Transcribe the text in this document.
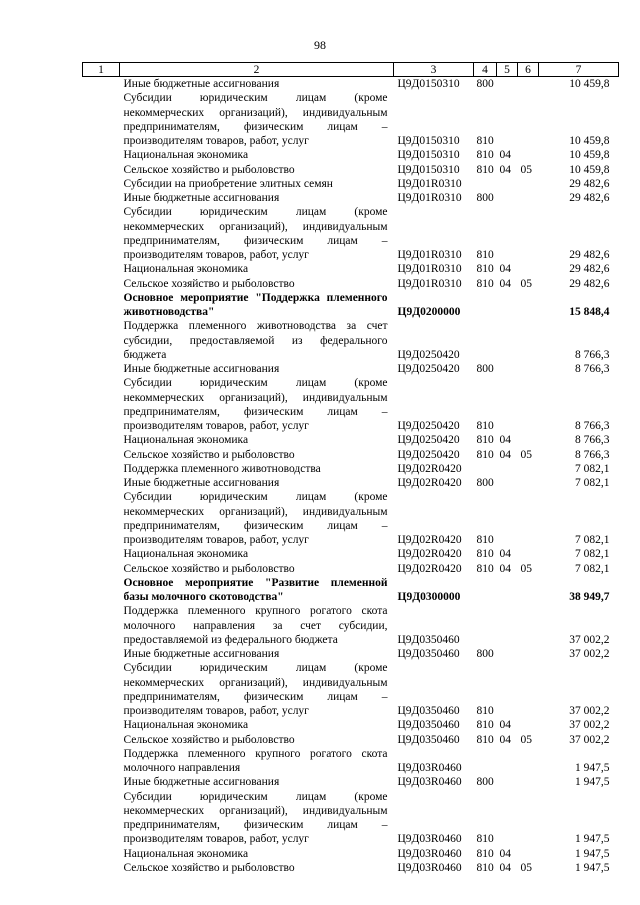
98
1	2	3	4	5	6	7
	Иные бюджетные ассигнования	Ц9Д0150310	800			10 459,8
	Субсидии юридическим лицам (кроме некоммерческих организаций), индивидуальным предпринимателям, физическим лицам – производителям товаров, работ, услуг	Ц9Д0150310	810			10 459,8
	Национальная экономика	Ц9Д0150310	810	04		10 459,8
	Сельское хозяйство и рыболовство	Ц9Д0150310	810	04	05	10 459,8
	Субсидии на приобретение элитных семян	Ц9Д01R0310				29 482,6
	Иные бюджетные ассигнования	Ц9Д01R0310	800			29 482,6
	Субсидии юридическим лицам (кроме некоммерческих организаций), индивидуальным предпринимателям, физическим лицам – производителям товаров, работ, услуг	Ц9Д01R0310	810			29 482,6
	Национальная экономика	Ц9Д01R0310	810	04		29 482,6
	Сельское хозяйство и рыболовство	Ц9Д01R0310	810	04	05	29 482,6
	Основное мероприятие "Поддержка племенного животноводства"	Ц9Д0200000				15 848,4
	Поддержка племенного животноводства за счет субсидии, предоставляемой из федерального бюджета	Ц9Д0250420				8 766,3
	Иные бюджетные ассигнования	Ц9Д0250420	800			8 766,3
	Субсидии юридическим лицам (кроме некоммерческих организаций), индивидуальным предпринимателям, физическим лицам – производителям товаров, работ, услуг	Ц9Д0250420	810			8 766,3
	Национальная экономика	Ц9Д0250420	810	04		8 766,3
	Сельское хозяйство и рыболовство	Ц9Д0250420	810	04	05	8 766,3
	Поддержка племенного животноводства	Ц9Д02R0420				7 082,1
	Иные бюджетные ассигнования	Ц9Д02R0420	800			7 082,1
	Субсидии юридическим лицам (кроме некоммерческих организаций), индивидуальным предпринимателям, физическим лицам – производителям товаров, работ, услуг	Ц9Д02R0420	810			7 082,1
	Национальная экономика	Ц9Д02R0420	810	04		7 082,1
	Сельское хозяйство и рыболовство	Ц9Д02R0420	810	04	05	7 082,1
	Основное мероприятие "Развитие племенной базы молочного скотоводства"	Ц9Д0300000				38 949,7
	Поддержка племенного крупного рогатого скота молочного направления за счет субсидии, предоставляемой из федерального бюджета	Ц9Д0350460				37 002,2
	Иные бюджетные ассигнования	Ц9Д0350460	800			37 002,2
	Субсидии юридическим лицам (кроме некоммерческих организаций), индивидуальным предпринимателям, физическим лицам – производителям товаров, работ, услуг	Ц9Д0350460	810			37 002,2
	Национальная экономика	Ц9Д0350460	810	04		37 002,2
	Сельское хозяйство и рыболовство	Ц9Д0350460	810	04	05	37 002,2
	Поддержка племенного крупного рогатого скота молочного направления	Ц9Д03R0460				1 947,5
	Иные бюджетные ассигнования	Ц9Д03R0460	800			1 947,5
	Субсидии юридическим лицам (кроме некоммерческих организаций), индивидуальным предпринимателям, физическим лицам – производителям товаров, работ, услуг	Ц9Д03R0460	810			1 947,5
	Национальная экономика	Ц9Д03R0460	810	04		1 947,5
	Сельское хозяйство и рыболовство	Ц9Д03R0460	810	04	05	1 947,5
